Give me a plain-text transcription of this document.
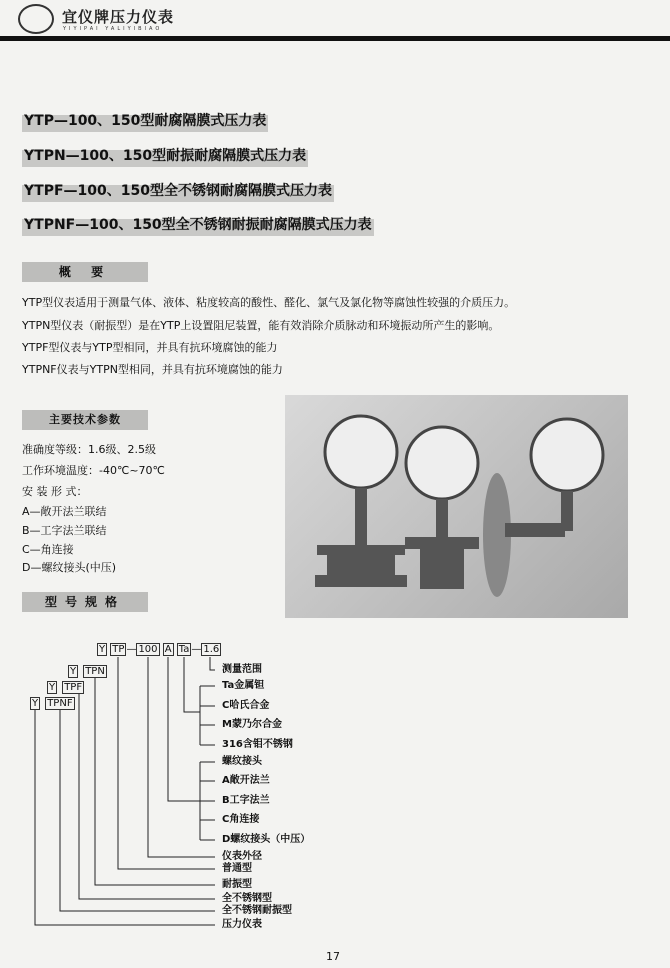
宜仪牌压力仪表
YIYIPAI YALIYIBIAO
YTP—100、150型耐腐隔膜式压力表
YTPN—100、150型耐振耐腐隔膜式压力表
YTPF—100、150型全不锈钢耐腐隔膜式压力表
YTPNF—100、150型全不锈钢耐振耐腐隔膜式压力表
概 要
YTP型仪表适用于测量气体、液体、粘度较高的酸性、醛化、氯气及氯化物等腐蚀性较强的介质压力。
YTPN型仪表（耐振型）是在YTP上设置阻尼装置，能有效消除介质脉动和环境振动所产生的影响。
YTPF型仪表与YTP型相同，并具有抗环境腐蚀的能力
YTPNF仪表与YTPN型相同，并具有抗环境腐蚀的能力
主要技术参数
准确度等级：1.6级、2.5级
工作环境温度：-40℃~70℃
安 装 形 式：
A—敞开法兰联结
B—工字法兰联结
C—角连接
D—螺纹接头(中压)
型号规格
Y TP — 100 A Ta — 1.6
Y TPN
Y TPF
Y TPNF
测量范围
Ta金属钽
C哈氏合金
M蒙乃尔合金
316含钼不锈钢
螺纹接头
A敞开法兰
B工字法兰
C角连接
D螺纹接头（中压）
仪表外径
普通型
耐振型
全不锈钢型
全不锈钢耐振型
压力仪表
17
